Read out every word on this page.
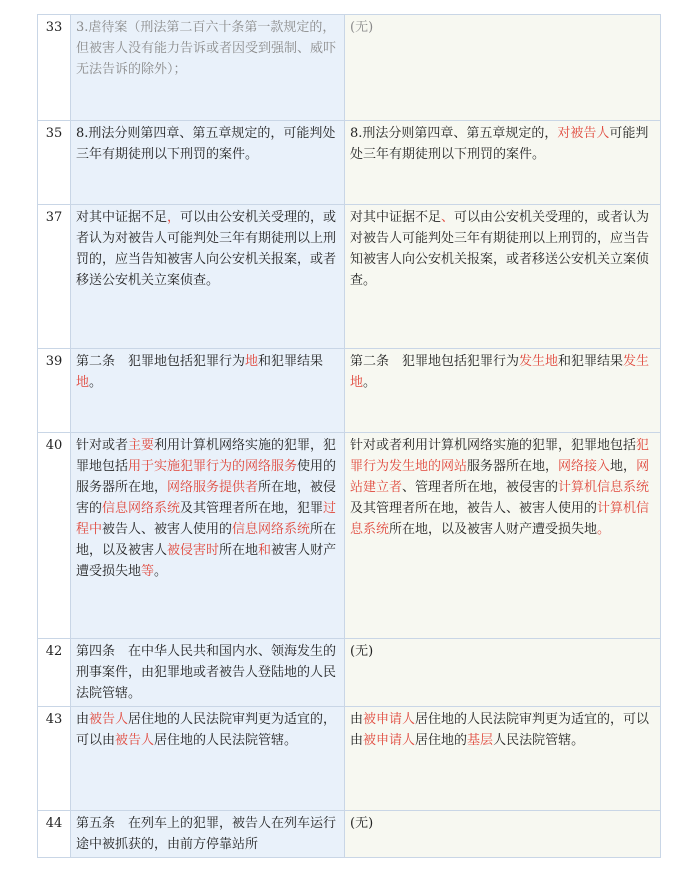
33	3.虐待案（刑法第二百六十条第一款规定的，但被害人没有能力告诉或者因受到强制、威吓无法告诉的除外）；	(无)
35	8.刑法分则第四章、第五章规定的，可能判处三年有期徒刑以下刑罚的案件。	8.刑法分则第四章、第五章规定的，对被告人可能判处三年有期徒刑以下刑罚的案件。
37	对其中证据不足，可以由公安机关受理的，或者认为对被告人可能判处三年有期徒刑以上刑罚的，应当告知被害人向公安机关报案，或者移送公安机关立案侦查。	对其中证据不足、可以由公安机关受理的，或者认为对被告人可能判处三年有期徒刑以上刑罚的，应当告知被害人向公安机关报案，或者移送公安机关立案侦查。
39	第二条　犯罪地包括犯罪行为地和犯罪结果地。	第二条　犯罪地包括犯罪行为发生地和犯罪结果发生地。
40	针对或者主要利用计算机网络实施的犯罪，犯罪地包括用于实施犯罪行为的网络服务使用的服务器所在地，网络服务提供者所在地，被侵害的信息网络系统及其管理者所在地，犯罪过程中被告人、被害人使用的信息网络系统所在地，以及被害人被侵害时所在地和被害人财产遭受损失地等。	针对或者利用计算机网络实施的犯罪，犯罪地包括犯罪行为发生地的网站服务器所在地，网络接入地，网站建立者、管理者所在地，被侵害的计算机信息系统及其管理者所在地，被告人、被害人使用的计算机信息系统所在地，以及被害人财产遭受损失地。
42	第四条　在中华人民共和国内水、领海发生的刑事案件，由犯罪地或者被告人登陆地的人民法院管辖。	(无)
43	由被告人居住地的人民法院审判更为适宜的，可以由被告人居住地的人民法院管辖。	由被申请人居住地的人民法院审判更为适宜的，可以由被申请人居住地的基层人民法院管辖。
44	第五条　在列车上的犯罪，被告人在列车运行途中被抓获的，由前方停靠站所	(无)
